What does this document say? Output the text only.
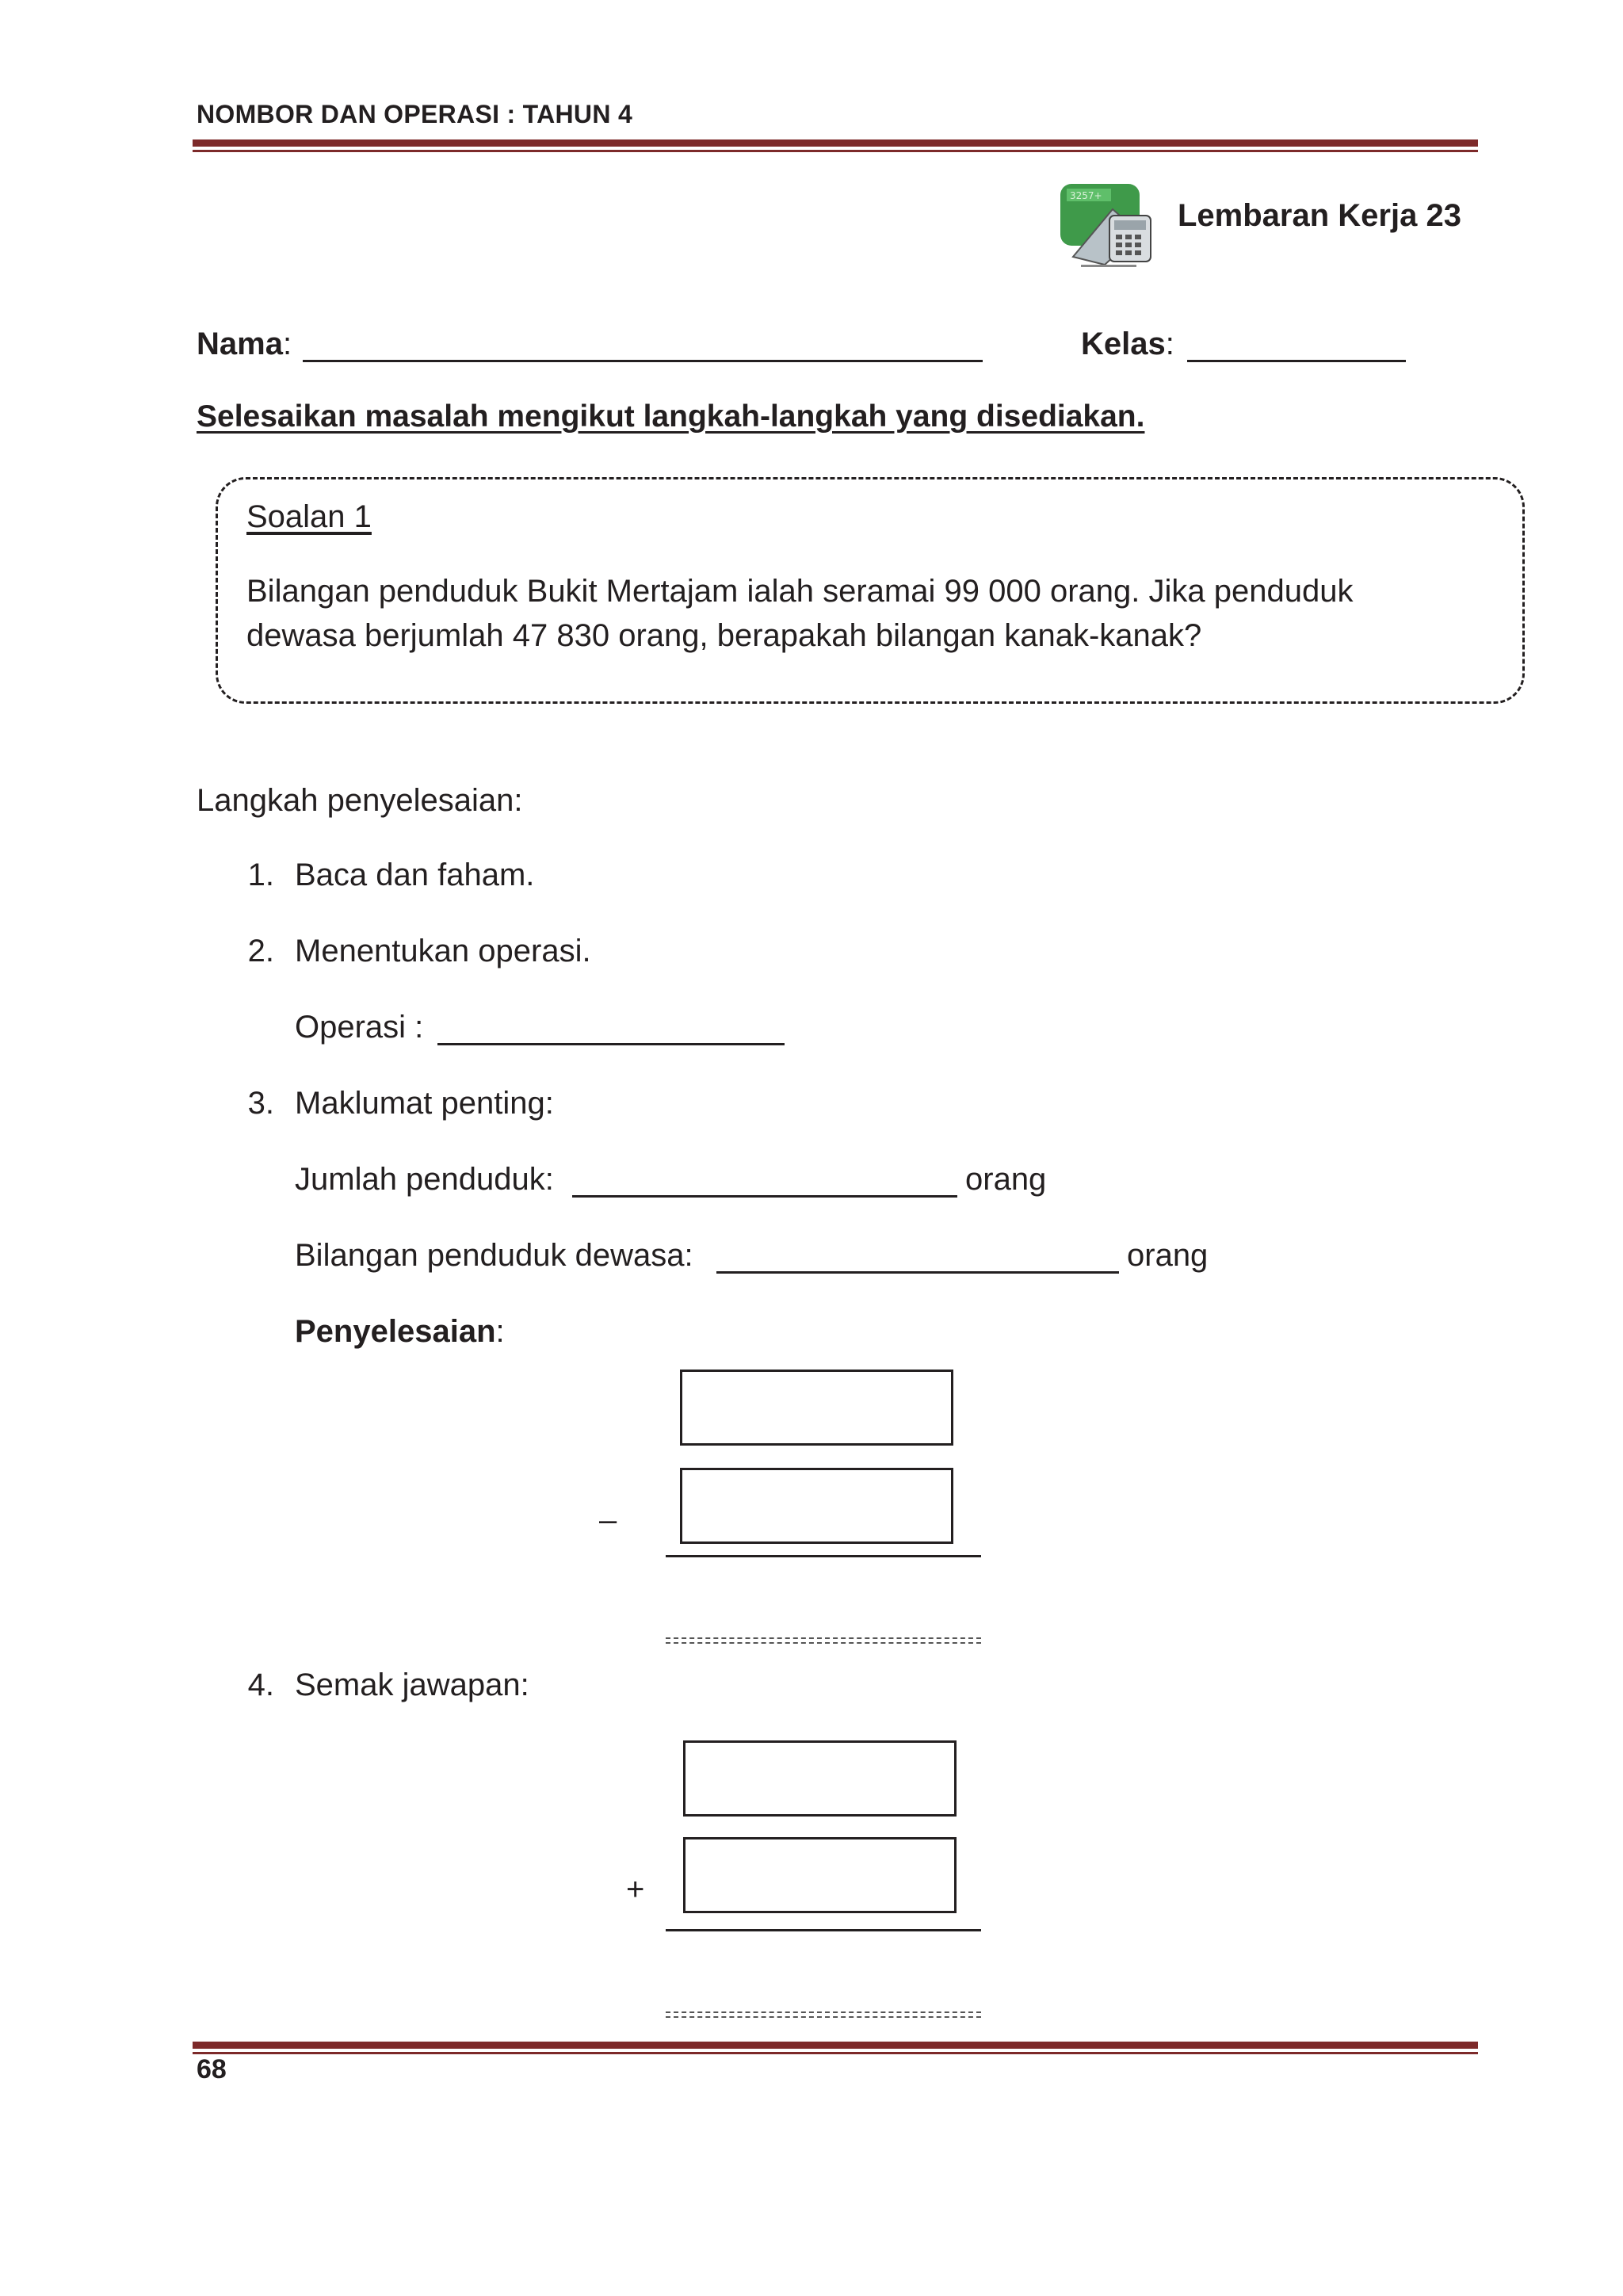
NOMBOR DAN OPERASI : TAHUN 4
3257+
Lembaran Kerja 23
Nama:	Kelas:
Selesaikan masalah mengikut langkah-langkah yang disediakan.
Soalan 1
Bilangan penduduk Bukit Mertajam ialah seramai 99 000 orang. Jika penduduk
dewasa berjumlah 47 830 orang, berapakah bilangan kanak-kanak?
Langkah penyelesaian:
1. Baca dan faham.
2. Menentukan operasi.
Operasi :
3. Maklumat penting:
Jumlah penduduk:	orang
Bilangan penduduk dewasa:	orang
Penyelesaian:
–
4. Semak jawapan:
+
68
